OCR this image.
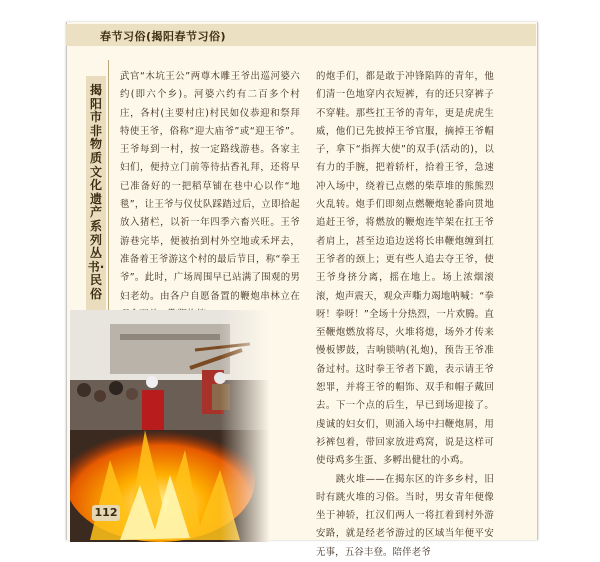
春节习俗(揭阳春节习俗)
揭阳市非物质文化遗产系列丛书·民俗
武官“木坑王公”两尊木雕王爷出巡河婆六约(即六个乡)。河婆六约有二百多个村庄，各村(主要村庄)村民如仪恭迎和祭拜特使王爷，俗称“迎大庙爷”或“迎王爷”。王爷每到一村，按一定路线游巷。各家主妇们，便持立门前等待拈香礼拜，还将早已准备好的一把稻草铺在巷中心以作“地毯”，让王爷与仪仗队踩踏过后，立即拾起放入猪栏，以祈一年四季六畜兴旺。王爷游巷完毕，便被抬到村外空地或禾坪去，准备着王爷游这个村的最后节目，称“拳王爷”。此时，广场周围早已站满了围观的男妇老幼。由各户自愿备置的鞭炮串林立在
的炮手们，都是敢于冲锋陷阵的青年，他们清一色地穿内衣短裤，有的还只穿裤子不穿鞋。那些扛王爷的青年，更是虎虎生威，他们已先披掉王爷官服，摘掉王爷帽子，拿下“指挥大使”的双手(活动的)，以有力的手腕，把着轿杆，拾着王爷，急速冲入场中，绕着已点燃的柴草堆的熊熊烈火乱转。炮手们即刻点燃鞭炮轮番向贯地追赶王爷，将燃放的鞭炮连竿架在扛王爷者肩上，甚至边追边送将长串鞭炮缠到扛王爷者的颈上；更有些人追去夺王爷，使王爷身挤分离，摇在地上。场上浓烟滚滚，炮声震天，观众声嘶力竭地呐喊：“拳呀！拳呀！”全场十分热烈，一片欢腾。直至鞭炮燃放将尽，火堆将熄，场外才传来慢板锣鼓，吉响锁呐(礼炮)，预告王爷准备过村。这时拳王爷者下跪，表示请王爷恕罪，并将王爷的帽饰、双手和帽子戴回去。下一个点的后生，早已到场迎接了。虔诚的妇女们，则涌入场中扫鞭炮屑，用衫裤包着，带回家放进鸡窝，说是这样可使母鸡多生蛋、多孵出健壮的小鸡。
　　跳火堆——在揭东区的许多乡村，旧时有跳火堆的习俗。当时，男女青年便像坐于神轿，扛汉们两人一将扛着到村外游安路，就是经老爷游过的区域当年便平安无事，五谷丰登。陪伴老爷
112
